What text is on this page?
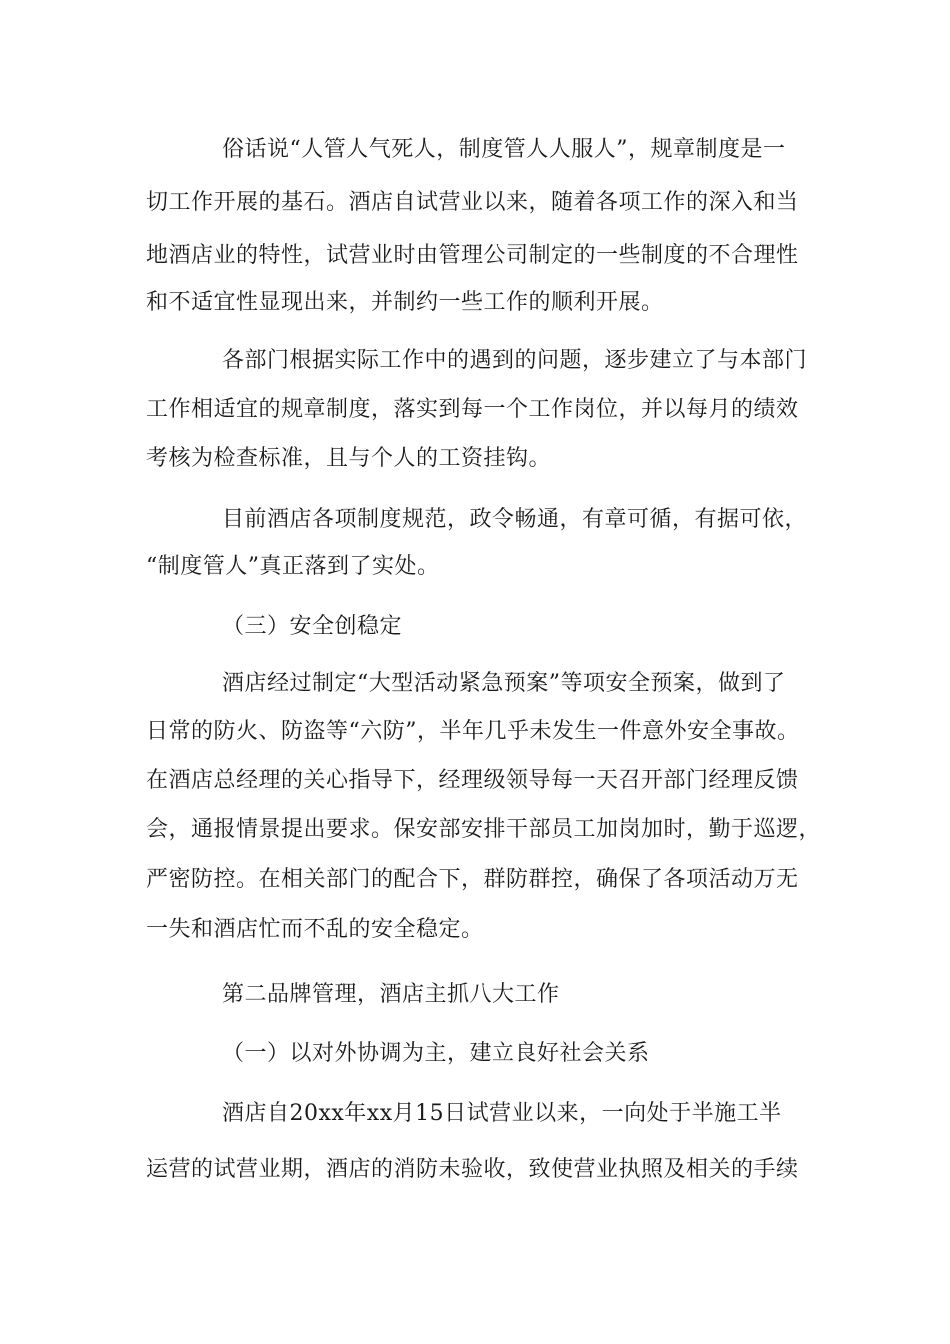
俗话说“人管人气死人，制度管人人服人”，规章制度是一
切工作开展的基石。酒店自试营业以来，随着各项工作的深入和当
地酒店业的特性，试营业时由管理公司制定的一些制度的不合理性
和不适宜性显现出来，并制约一些工作的顺利开展。
各部门根据实际工作中的遇到的问题，逐步建立了与本部门
工作相适宜的规章制度，落实到每一个工作岗位，并以每月的绩效
考核为检查标准，且与个人的工资挂钩。
目前酒店各项制度规范，政令畅通，有章可循，有据可依，
“制度管人”真正落到了实处。
（三）安全创稳定
酒店经过制定“大型活动紧急预案”等项安全预案，做到了
日常的防火、防盗等“六防”，半年几乎未发生一件意外安全事故。
在酒店总经理的关心指导下，经理级领导每一天召开部门经理反馈
会，通报情景提出要求。保安部安排干部员工加岗加时，勤于巡逻，
严密防控。在相关部门的配合下，群防群控，确保了各项活动万无
一失和酒店忙而不乱的安全稳定。
第二品牌管理，酒店主抓八大工作
（一）以对外协调为主，建立良好社会关系
酒店自20xx年xx月15日试营业以来，一向处于半施工半
运营的试营业期，酒店的消防未验收，致使营业执照及相关的手续
